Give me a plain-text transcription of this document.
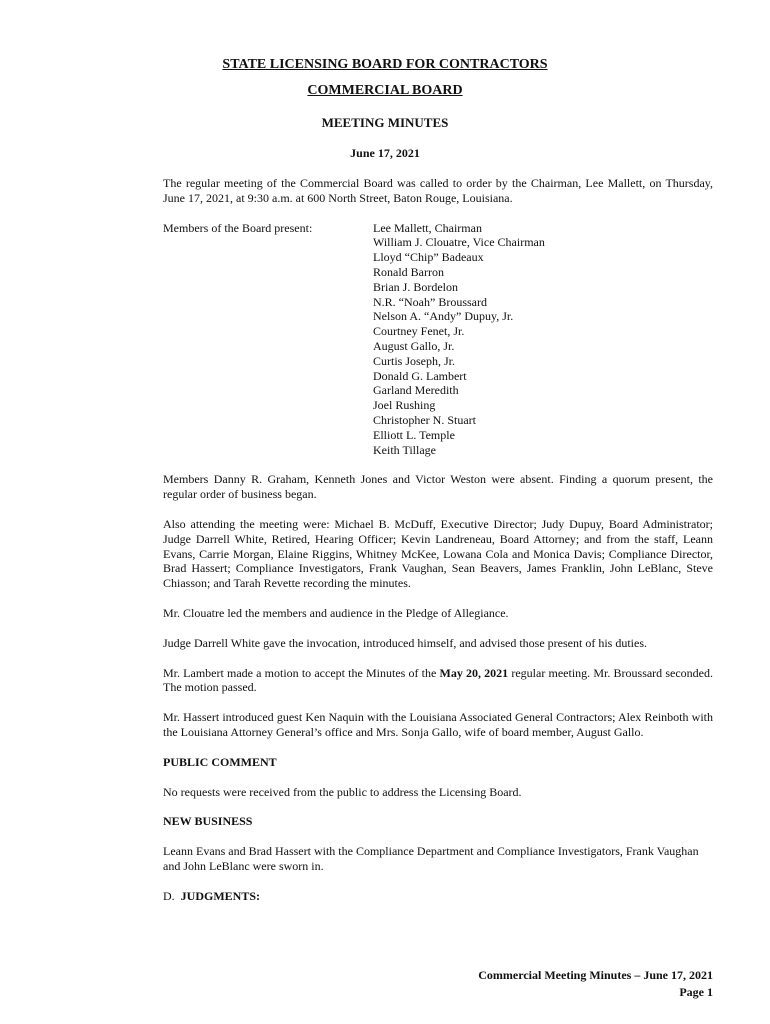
STATE LICENSING BOARD FOR CONTRACTORS
COMMERCIAL BOARD
MEETING MINUTES
June 17, 2021

The regular meeting of the Commercial Board was called to order by the Chairman, Lee Mallett, on Thursday, June 17, 2021, at 9:30 a.m. at 600 North Street, Baton Rouge, Louisiana.

Members of the Board present:	Lee Mallett, Chairman
William J. Clouatre, Vice Chairman
Lloyd “Chip” Badeaux
Ronald Barron
Brian J. Bordelon
N.R. “Noah” Broussard
Nelson A. “Andy” Dupuy, Jr.
Courtney Fenet, Jr.
August Gallo, Jr.
Curtis Joseph, Jr.
Donald G. Lambert
Garland Meredith
Joel Rushing
Christopher N. Stuart
Elliott L. Temple
Keith Tillage

Members Danny R. Graham, Kenneth Jones and Victor Weston were absent. Finding a quorum present, the regular order of business began.

Also attending the meeting were: Michael B. McDuff, Executive Director; Judy Dupuy, Board Administrator; Judge Darrell White, Retired, Hearing Officer; Kevin Landreneau, Board Attorney; and from the staff, Leann Evans, Carrie Morgan, Elaine Riggins, Whitney McKee, Lowana Cola and Monica Davis; Compliance Director, Brad Hassert; Compliance Investigators, Frank Vaughan, Sean Beavers, James Franklin, John LeBlanc, Steve Chiasson; and Tarah Revette recording the minutes.

Mr. Clouatre led the members and audience in the Pledge of Allegiance.

Judge Darrell White gave the invocation, introduced himself, and advised those present of his duties.

Mr. Lambert made a motion to accept the Minutes of the May 20, 2021 regular meeting. Mr. Broussard seconded. The motion passed.

Mr. Hassert introduced guest Ken Naquin with the Louisiana Associated General Contractors; Alex Reinboth with the Louisiana Attorney General’s office and Mrs. Sonja Gallo, wife of board member, August Gallo.

PUBLIC COMMENT

No requests were received from the public to address the Licensing Board.

NEW BUSINESS

Leann Evans and Brad Hassert with the Compliance Department and Compliance Investigators, Frank Vaughan and John LeBlanc were sworn in.

D. JUDGMENTS:
Commercial Meeting Minutes – June 17, 2021
Page 1
